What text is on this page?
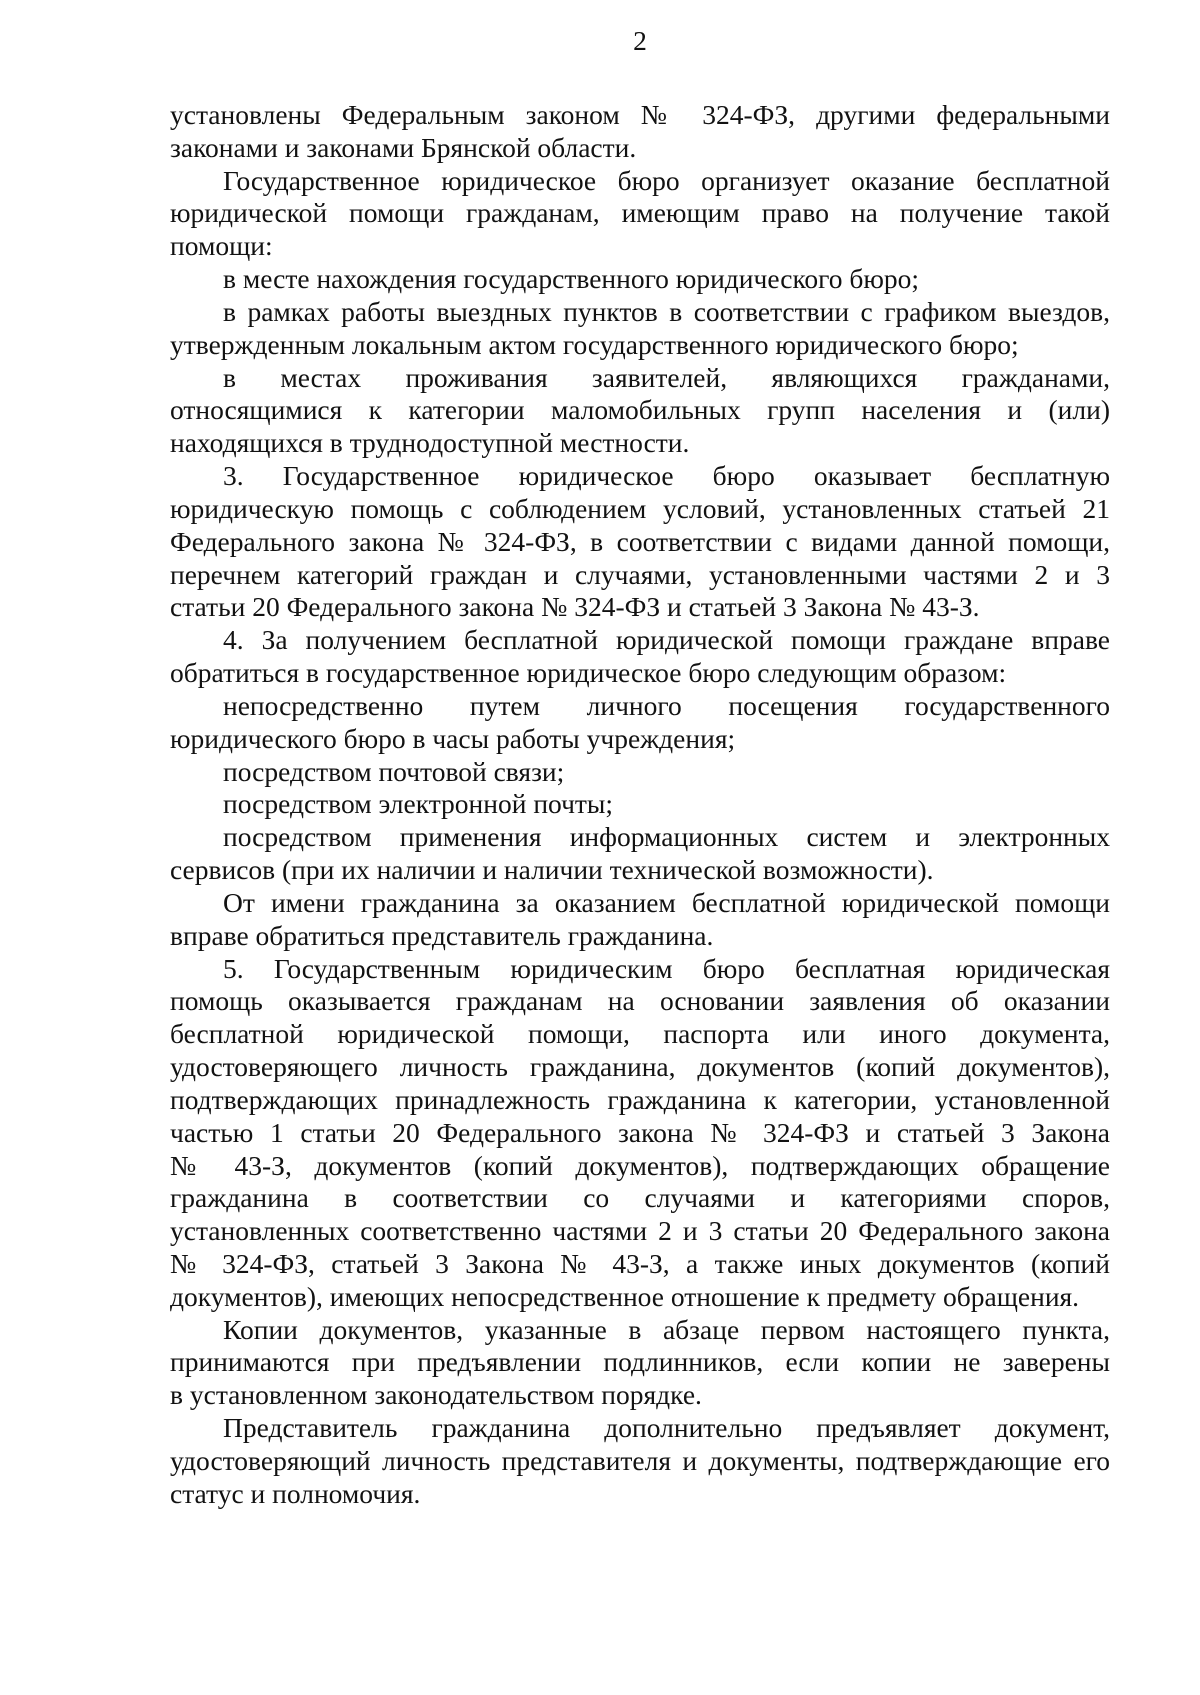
2
установлены Федеральным законом № 324-ФЗ, другими федеральными
законами и законами Брянской области.
Государственное юридическое бюро организует оказание бесплатной
юридической помощи гражданам, имеющим право на получение такой
помощи:
в месте нахождения государственного юридического бюро;
в рамках работы выездных пунктов в соответствии с графиком выездов,
утвержденным локальным актом государственного юридического бюро;
в местах проживания заявителей, являющихся гражданами,
относящимися к категории маломобильных групп населения и (или)
находящихся в труднодоступной местности.
3. Государственное юридическое бюро оказывает бесплатную
юридическую помощь с соблюдением условий, установленных статьей 21
Федерального закона № 324-ФЗ, в соответствии с видами данной помощи,
перечнем категорий граждан и случаями, установленными частями 2 и 3
статьи 20 Федерального закона № 324-ФЗ и статьей 3 Закона № 43-З.
4. За получением бесплатной юридической помощи граждане вправе
обратиться в государственное юридическое бюро следующим образом:
непосредственно путем личного посещения государственного
юридического бюро в часы работы учреждения;
посредством почтовой связи;
посредством электронной почты;
посредством применения информационных систем и электронных
сервисов (при их наличии и наличии технической возможности).
От имени гражданина за оказанием бесплатной юридической помощи
вправе обратиться представитель гражданина.
5. Государственным юридическим бюро бесплатная юридическая
помощь оказывается гражданам на основании заявления об оказании
бесплатной юридической помощи, паспорта или иного документа,
удостоверяющего личность гражданина, документов (копий документов),
подтверждающих принадлежность гражданина к категории, установленной
частью 1 статьи 20 Федерального закона № 324-ФЗ и статьей 3 Закона
№ 43-З, документов (копий документов), подтверждающих обращение
гражданина в соответствии со случаями и категориями споров,
установленных соответственно частями 2 и 3 статьи 20 Федерального закона
№ 324-ФЗ, статьей 3 Закона № 43-З, а также иных документов (копий
документов), имеющих непосредственное отношение к предмету обращения.
Копии документов, указанные в абзаце первом настоящего пункта,
принимаются при предъявлении подлинников, если копии не заверены
в установленном законодательством порядке.
Представитель гражданина дополнительно предъявляет документ,
удостоверяющий личность представителя и документы, подтверждающие его
статус и полномочия.
